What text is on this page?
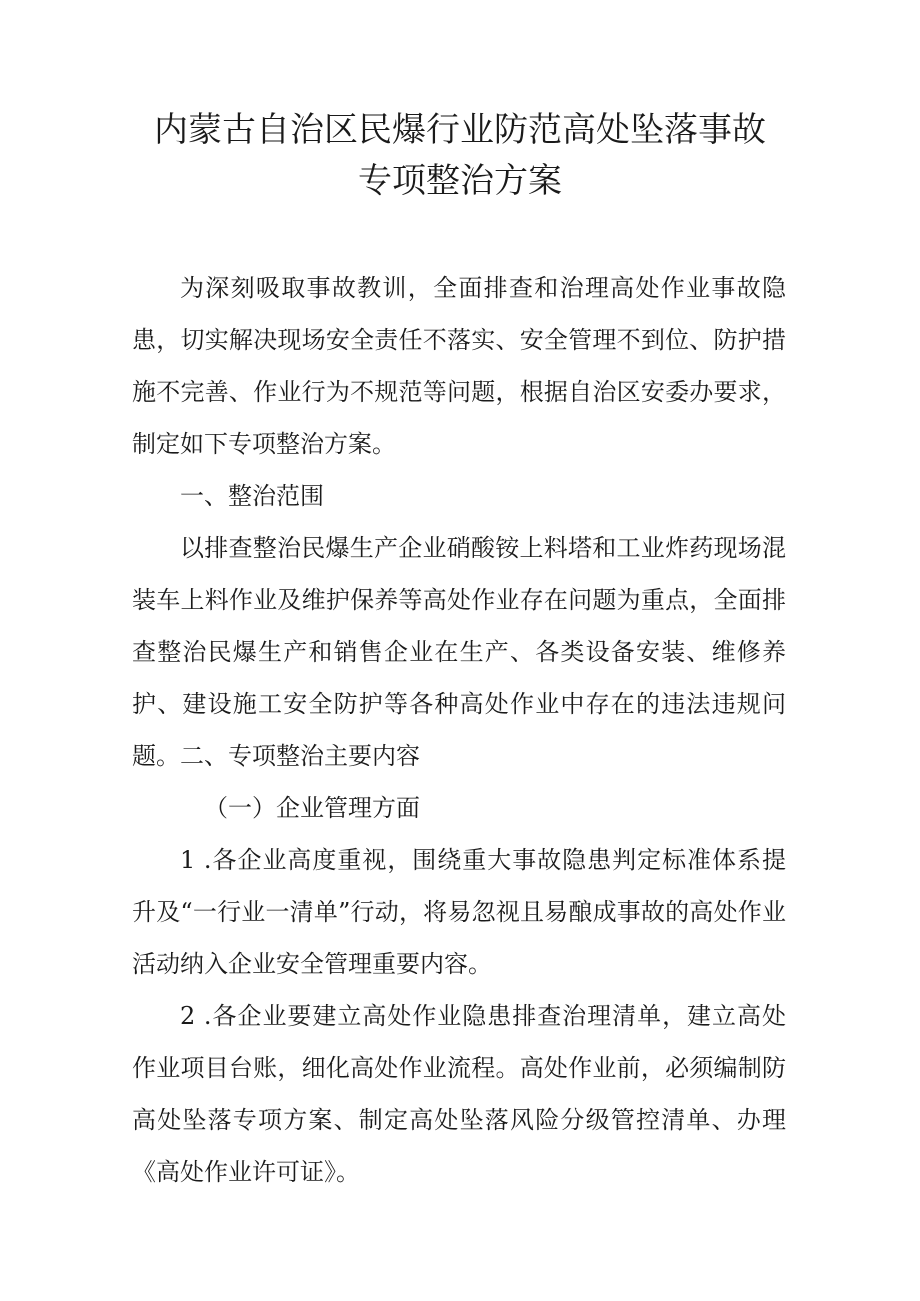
内蒙古自治区民爆行业防范高处坠落事故
专项整治方案

为深刻吸取事故教训，全面排查和治理高处作业事故隐患，切实解决现场安全责任不落实、安全管理不到位、防护措施不完善、作业行为不规范等问题，根据自治区安委办要求，制定如下专项整治方案。

一、整治范围

以排查整治民爆生产企业硝酸铵上料塔和工业炸药现场混装车上料作业及维护保养等高处作业存在问题为重点，全面排查整治民爆生产和销售企业在生产、各类设备安装、维修养护、建设施工安全防护等各种高处作业中存在的违法违规问题。 二、专项整治主要内容

（一）企业管理方面

1 .各企业高度重视，围绕重大事故隐患判定标准体系提升及“一行业一清单”行动，将易忽视且易酿成事故的高处作业活动纳入企业安全管理重要内容。

2 .各企业要建立高处作业隐患排查治理清单，建立高处作业项目台账，细化高处作业流程。高处作业前，必须编制防高处坠落专项方案、制定高处坠落风险分级管控清单、办理《高处作业许可证》。
